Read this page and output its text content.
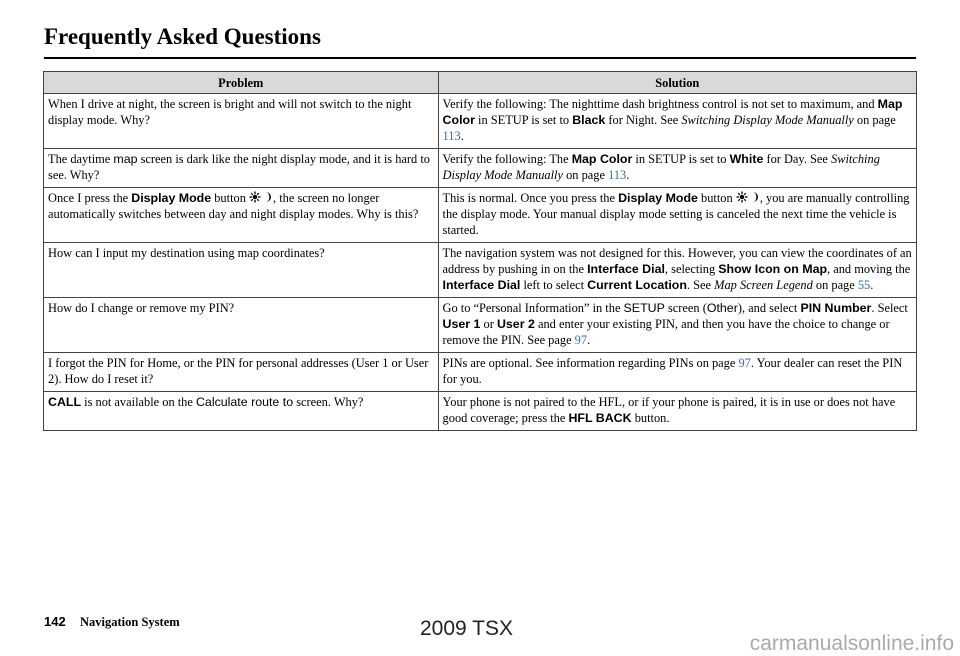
Frequently Asked Questions
Problem	Solution
When I drive at night, the screen is bright and will not switch to the night display mode. Why?	Verify the following: The nighttime dash brightness control is not set to maximum, and Map Color in SETUP is set to Black for Night. See Switching Display Mode Manually on page 113.
The daytime map screen is dark like the night display mode, and it is hard to see. Why?	Verify the following: The Map Color in SETUP is set to White for Day. See Switching Display Mode Manually on page 113.
Once I press the Display Mode button , the screen no longer automatically switches between day and night display modes. Why is this?	This is normal. Once you press the Display Mode button , you are manually controlling the display mode. Your manual display mode setting is canceled the next time the vehicle is started.
How can I input my destination using map coordinates?	The navigation system was not designed for this. However, you can view the coordinates of an address by pushing in on the Interface Dial, selecting Show Icon on Map, and moving the Interface Dial left to select Current Location. See Map Screen Legend on page 55.
How do I change or remove my PIN?	Go to “Personal Information” in the SETUP screen (Other), and select PIN Number. Select User 1 or User 2 and enter your existing PIN, and then you have the choice to change or remove the PIN. See page 97.
I forgot the PIN for Home, or the PIN for personal addresses (User 1 or User 2). How do I reset it?	PINs are optional. See information regarding PINs on page 97. Your dealer can reset the PIN for you.
CALL is not available on the Calculate route to screen. Why?	Your phone is not paired to the HFL, or if your phone is paired, it is in use or does not have good coverage; press the HFL BACK button.
142 Navigation System	2009 TSX
carmanualsonline.info
